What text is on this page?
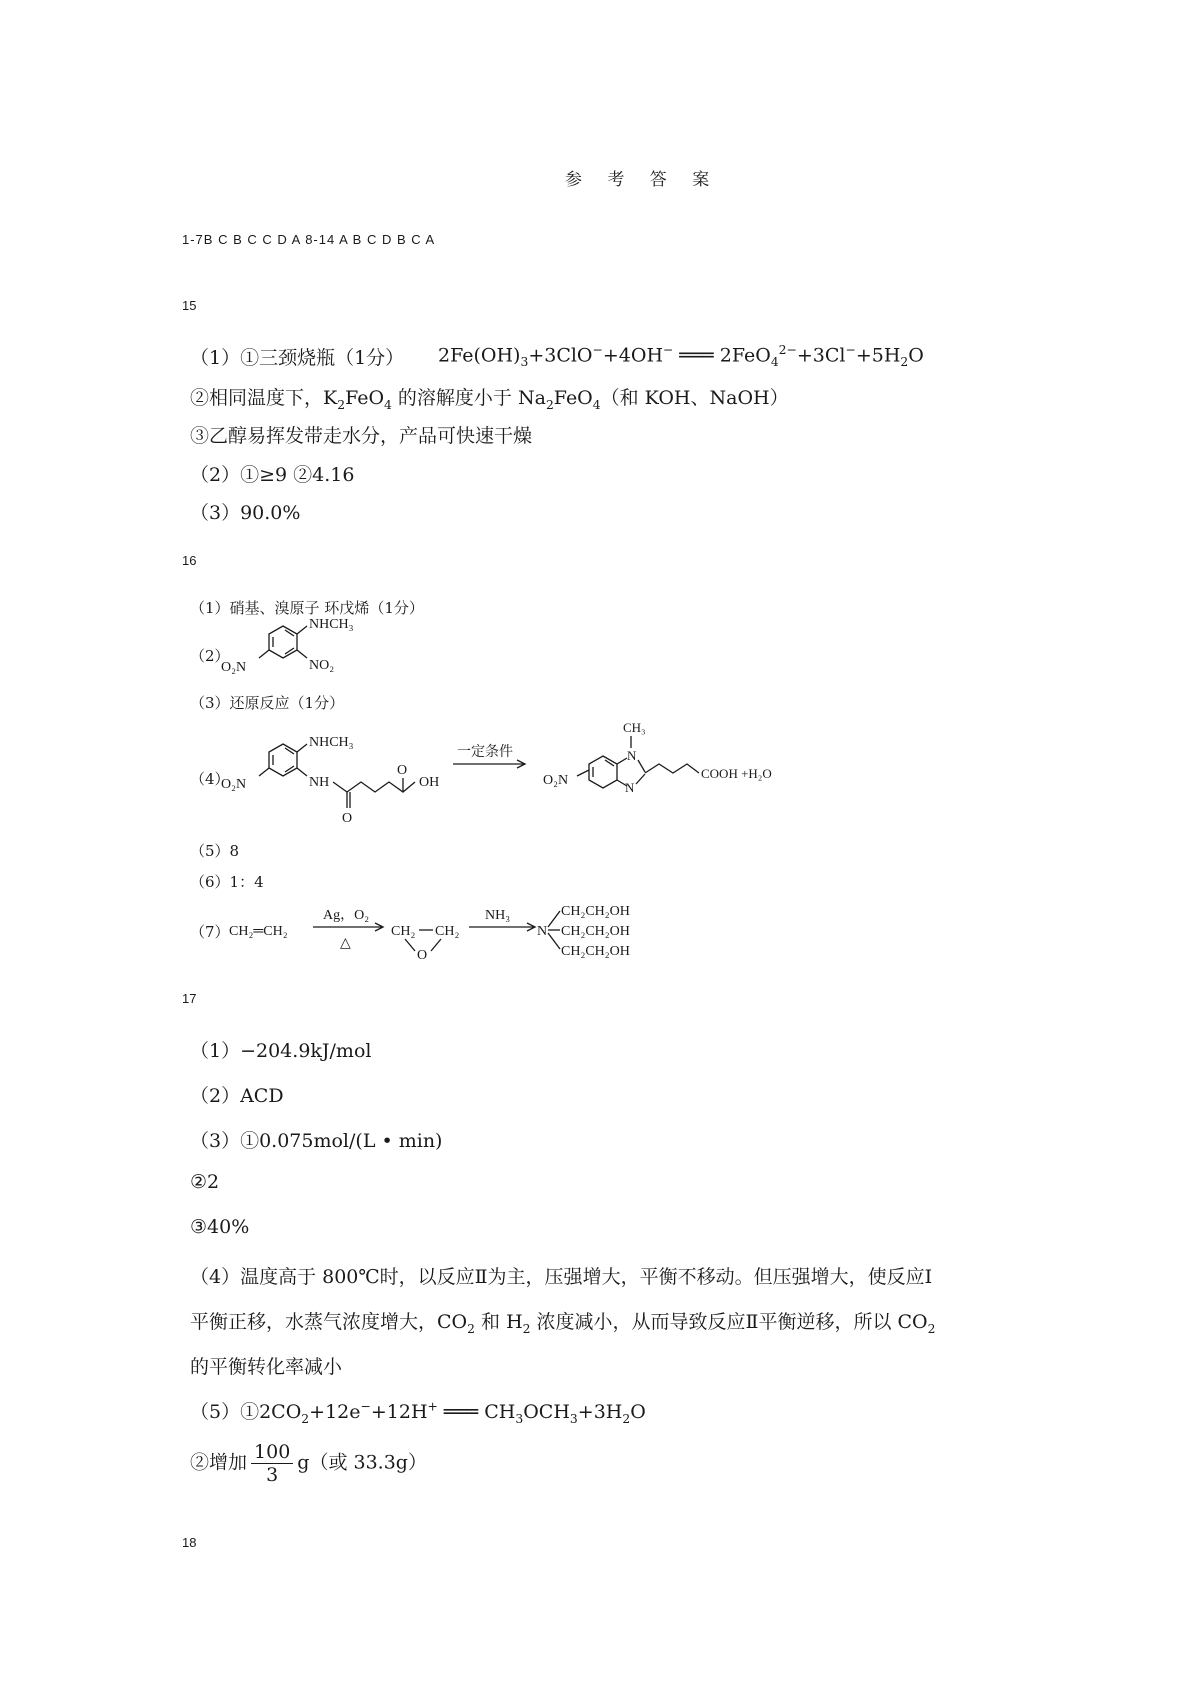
参 考 答 案
1-7B C B C C D A 8-14 A B C D B C A
15
（1）①三颈烧瓶（1分） $2Fe(OH)_3+3ClO^-+4OH^-$ ═══ $2FeO_4^{2-}+3Cl^-+5H_2O$
②相同温度下，$K_2FeO_4$ 的溶解度小于 $Na_2FeO_4$（和 KOH、NaOH）
③乙醇易挥发带走水分，产品可快速干燥
（2）①≥9 ②4.16
（3）90.0%
16
（1）硝基、溴原子 环戊烯（1分）
（2）
（3）还原反应（1分）
（4）
（5）8
（6）1：4
（7）
NHCH₃
NO₂
O₂N
NHCH₃
O₂N	NH
O
O
OH
一定条件
O₂N
N
N
CH₃
COOH +H₂O
CH₂═CH₂
Ag，O₂
△
CH₂ CH₂
O
NH₃
N
CH₂CH₂OH
CH₂CH₂OH
CH₂CH₂OH
17
（1）−204.9kJ/mol
（2）ACD
（3）①0.075mol/(L • min)
②2
③40%
（4）温度高于 800℃时，以反应Ⅱ为主，压强增大，平衡不移动。但压强增大，使反应Ⅰ
平衡正移，水蒸气浓度增大，$CO_2$ 和 $H_2$ 浓度减小，从而导致反应Ⅱ平衡逆移，所以 $CO_2$
的平衡转化率减小
$(5)①2CO_2+12e^-+12H^+$ ═══ $CH_3OCH_3+3H_2O$
②增加 $\frac{100}{3} g$（或 33.3g）
18
